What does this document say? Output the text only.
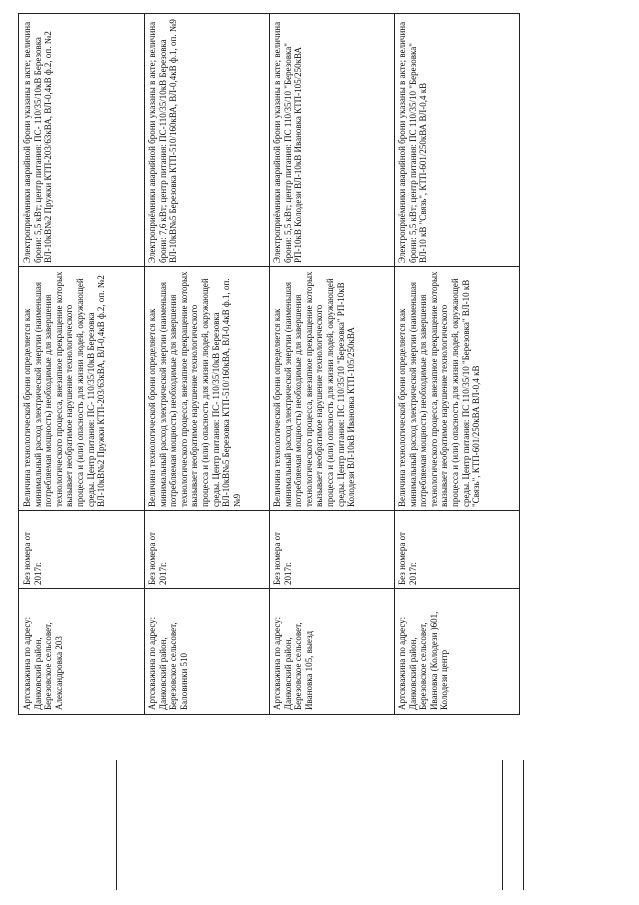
Артскважина по адресу: Данковский район, Березовское сельсовет, Александровка 203
Без номера от 2017г.
Величина технологической брони определяется как минимальный расход электрической энергии (наименьшая потребляемая мощность) необходимые для завершения технологического процесса, внезапное прекращение которых вызывает необратимое нарушение технологического процесса и (или) опасность для жизни людей, окружающей среды. Центр питания: ПС- 110/35/10кВ Березовка ВЛ-10кВ№2 Пружки КТП-203/63кВА, ВЛ-0,4кВ ф.2, оп. №2
Электроприёмники аварийной брони указаны в акте; величина брони: 5,5 кВт; центр питания: ПС- 110/35/10кВ Березовка ВЛ-10кВ№2 Пружки КТП-203/63кВА, ВЛ-0,4кВ ф.2, оп. №2
Артскважина по адресу: Данковский район, Березовское сельсовет, Баловинки 510
Без номера от 2017г.
Величина технологической брони определяется как минимальный расход электрической энергии (наименьшая потребляемая мощность) необходимые для завершения технологического процесса, внезапное прекращение которых вызывает необратимое нарушение технологического процесса и (или) опасность для жизни людей, окружающей среды. Центр питания: ПС- 110/35/10кВ Березовка ВЛ-10кВ№5 Березовка КТП-510/160кВА, ВЛ-0,4кВ ф.1, оп. №9
Электроприёмники аварийной брони указаны в акте; величина брони: 7,6 кВт; центр питания: ПС-110/35/10кВ Березовка ВЛ-10кВ№5 Березовка КТП-510/160кВА, ВЛ-0,4кВ ф.1, оп. №9
Артскважина по адресу: Данковский район, Березовское сельсовет, Ивановка 105, выезд
Без номера от 2017г.
Величина технологической брони определяется как минимальный расход электрической энергии (наименьшая потребляемая мощность) необходимые для завершения технологического процесса, внезапное прекращение которых вызывает необратимое нарушение технологического процесса и (или) опасность для жизни людей, окружающей среды. Центр питания: ПС 110/35/10 "Березовка" РП-10кВ Колодези ВЛ-10кВ Ивановка КТП-105/250кВА
Электроприёмники аварийной брони указаны в акте; величина брони: 5,5 кВт; центр питания: ПС 110/35/10 "Березовка" РП-10кВ Колодези ВЛ-10кВ Ивановка КТП-105/250кВА
Артскважина по адресу: Данковский район, Березовское сельсовет, Ивановка (Колодези )601, Колодези центр
Без номера от 2017г.
Величина технологической брони определяется как минимальный расход электрической энергии (наименьшая потребляемая мощность) необходимые для завершения технологического процесса, внезапное прекращение которых вызывает необратимое нарушение технологического процесса и (или) опасность для жизни людей, окружающей среды. Центр питания: ПС 110/35/10 "Березовка" ВЛ-10 кВ "Связь", КТП-601/250кВА ВЛ-0,4 кВ
Электроприёмники аварийной брони указаны в акте; величина брони: 5,5 кВт; центр питания: ПС 110/35/10 "Березовка" ВЛ-10 кВ "Связь", КТП-601/250кВА ВЛ-0,4 кВ
